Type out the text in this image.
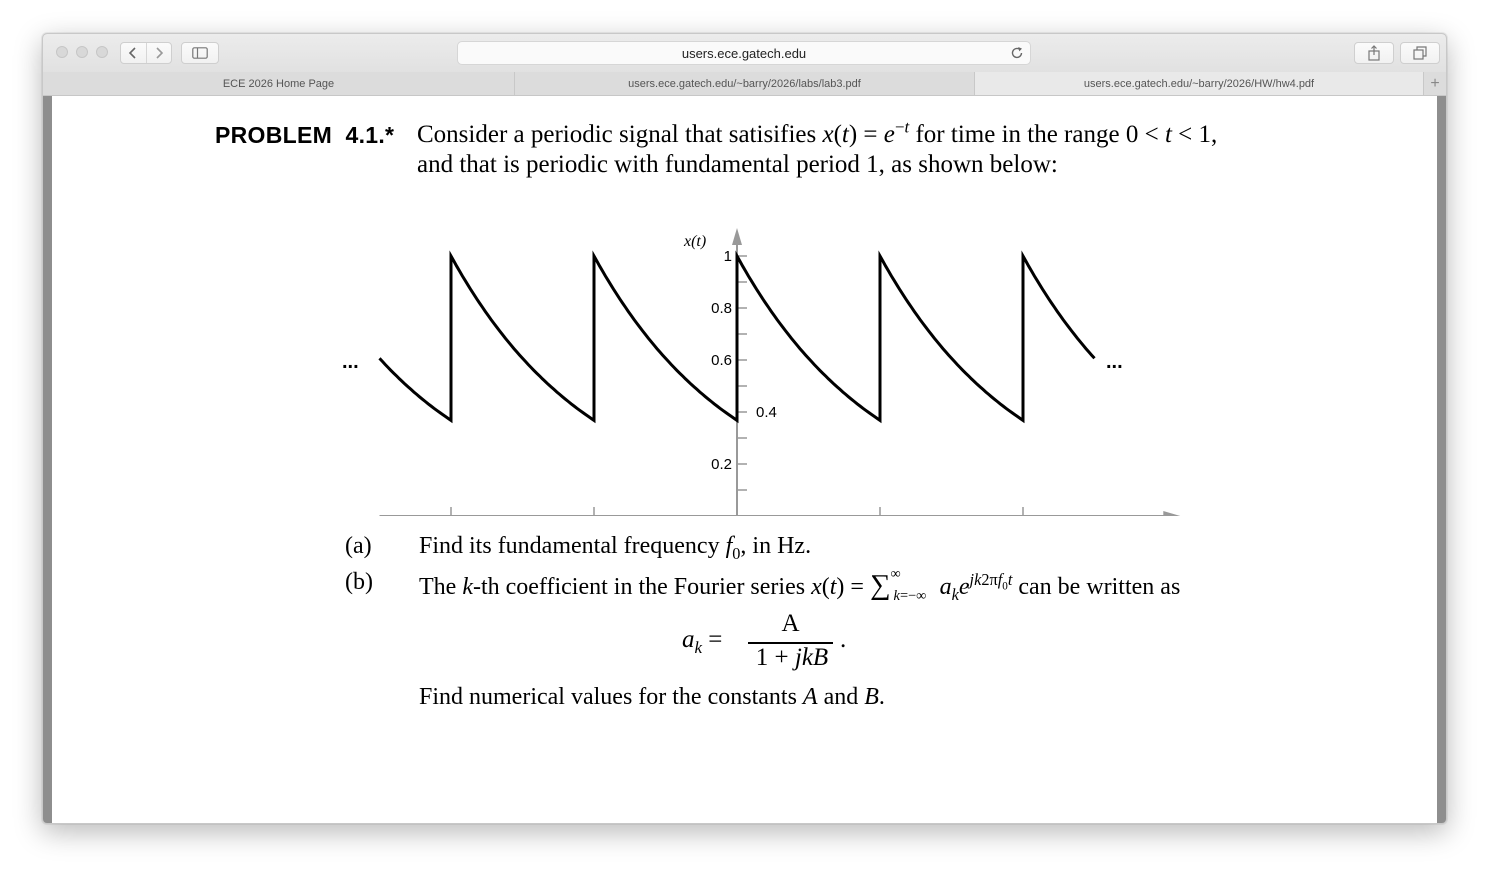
users.ece.gatech.edu
ECE 2026 Home Page	users.ece.gatech.edu/~barry/2026/labs/lab3.pdf	users.ece.gatech.edu/~barry/2026/HW/hw4.pdf	+
PROBLEM  4.1.* Consider a periodic signal that satisifies $x(t) = e^{-t}$ for time in the range 0 < t < 1,
and that is periodic with fundamental period 1, as shown below:
1
0.8
0.6
0.4
0.2
x(t)
...	...
(a) Find its fundamental frequency $f_0$, in Hz.
(b) The k-th coefficient in the Fourier series $x(t) = \sum^\infty_{k=-\infty}$ $a_ke^{jk2\pi f_0t}$ can be written as
$a_k$ =
A
1 + jkB
.
Find numerical values for the constants A and B.
